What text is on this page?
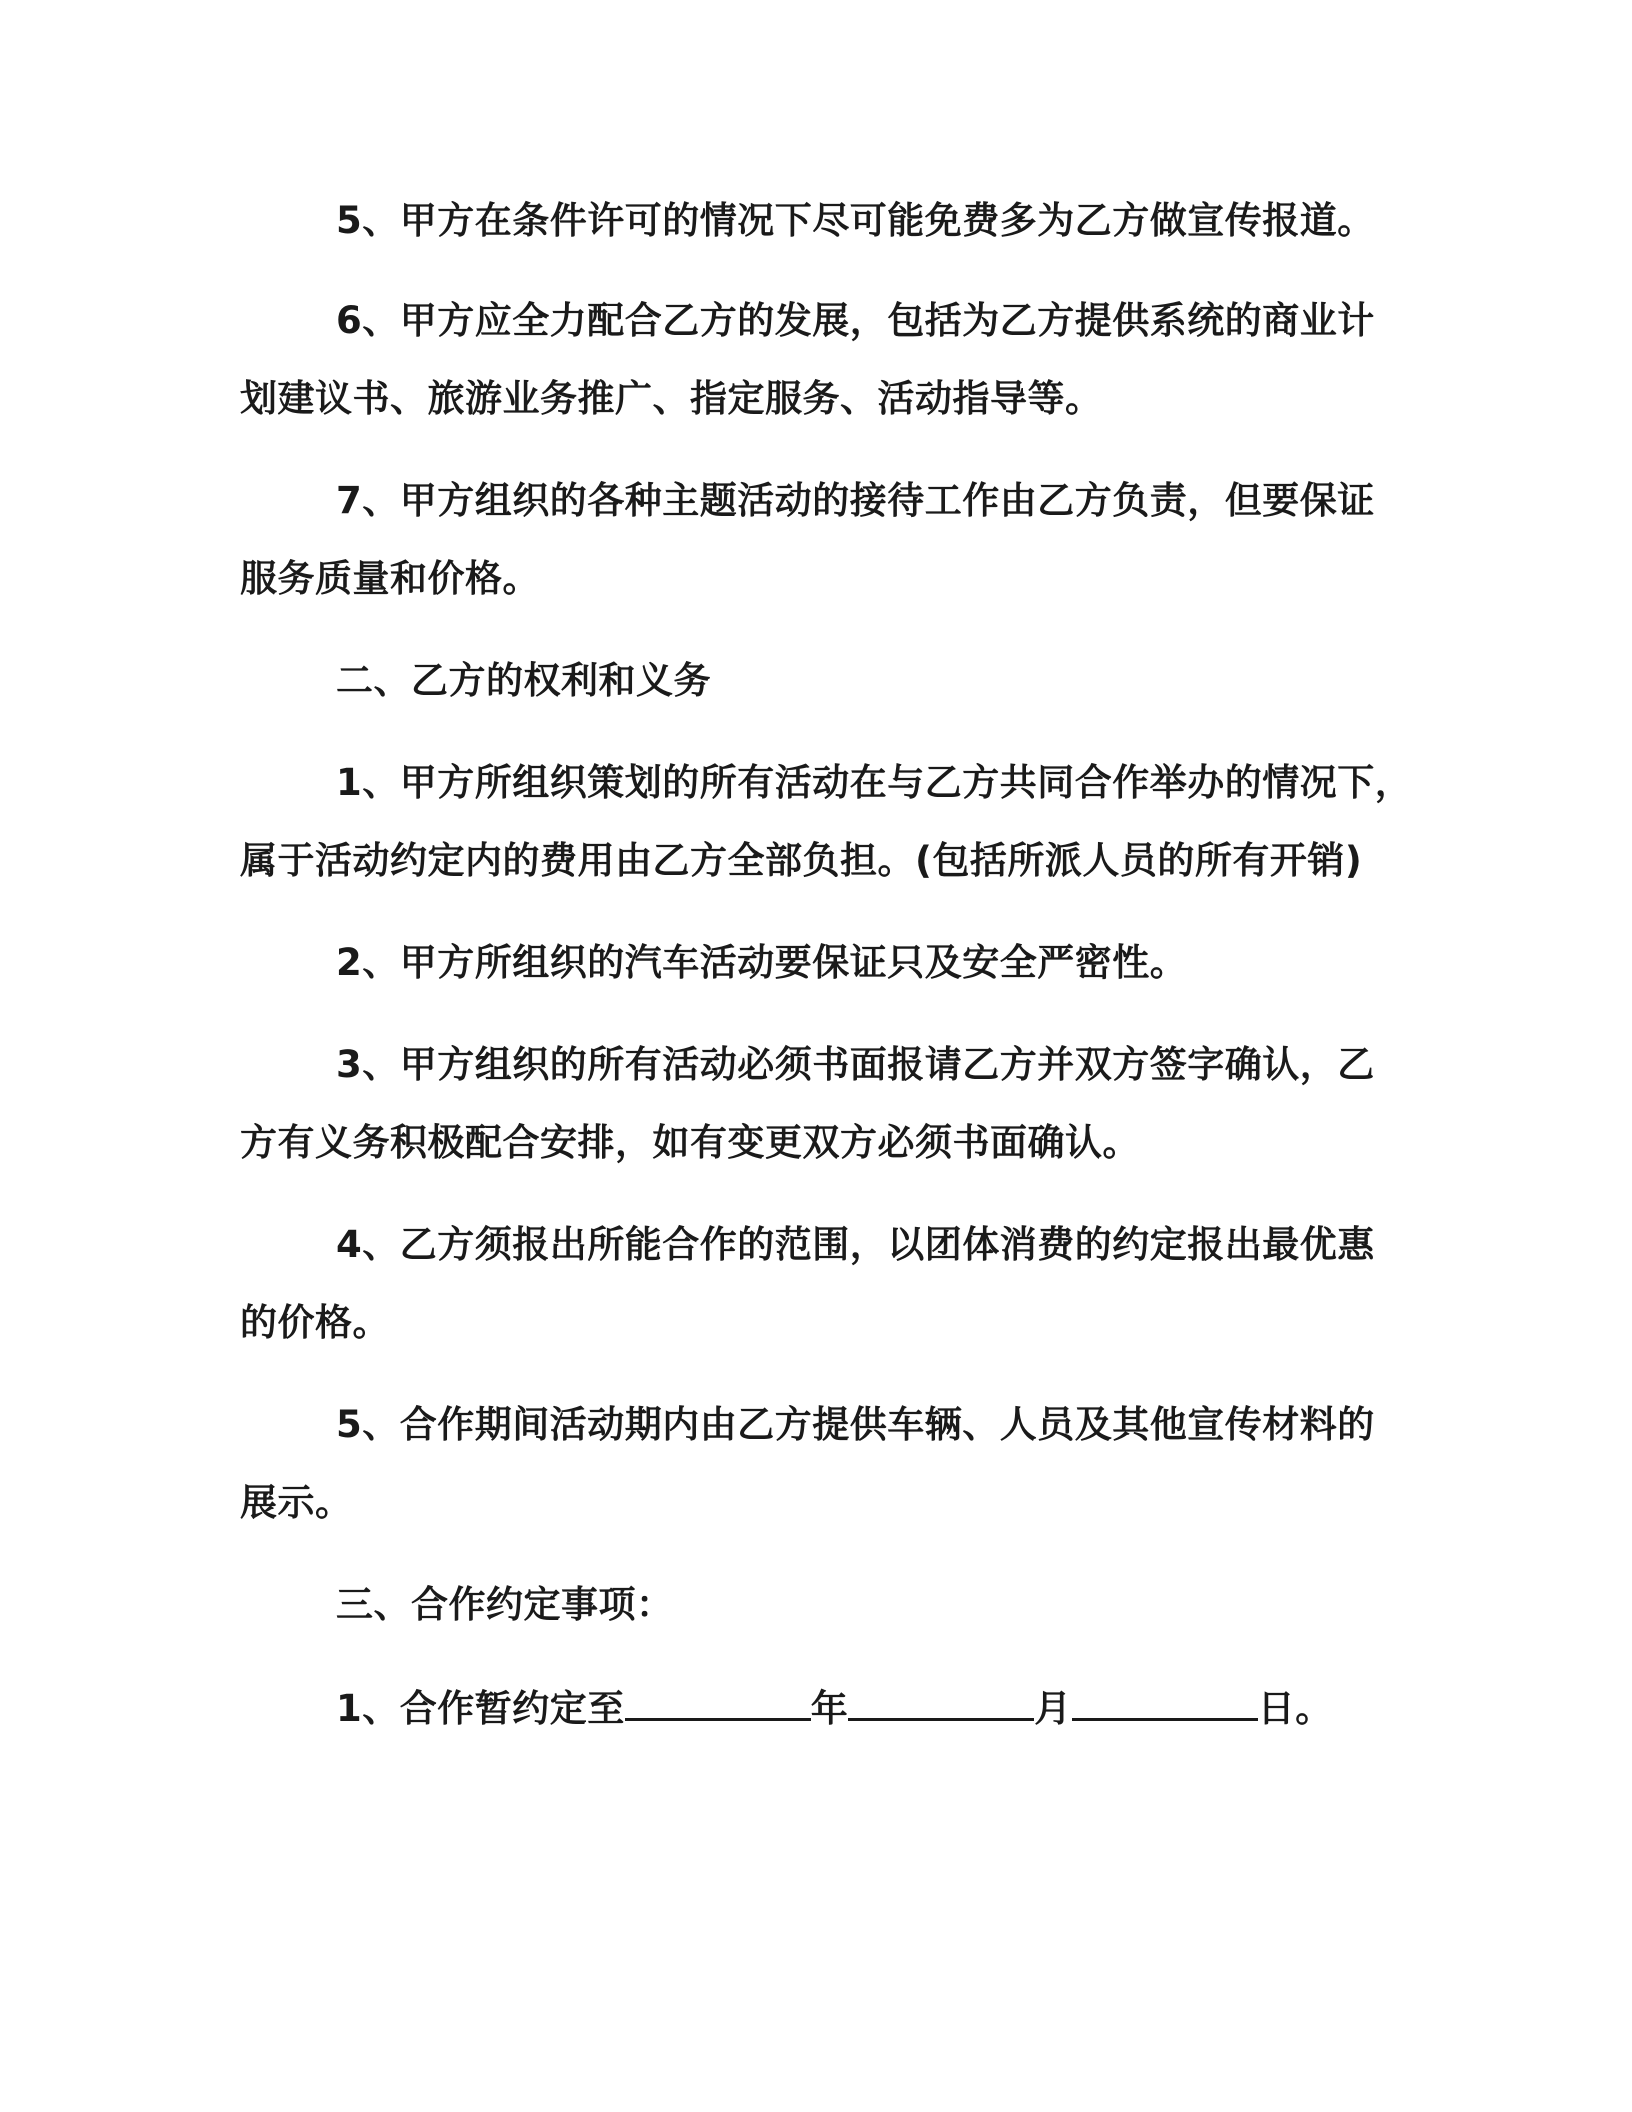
5、甲方在条件许可的情况下尽可能免费多为乙方做宣传报道。
6、甲方应全力配合乙方的发展，包括为乙方提供系统的商业计
划建议书、旅游业务推广、指定服务、活动指导等。
7、甲方组织的各种主题活动的接待工作由乙方负责，但要保证
服务质量和价格。
二、乙方的权利和义务
1、甲方所组织策划的所有活动在与乙方共同合作举办的情况下，
属于活动约定内的费用由乙方全部负担。(包括所派人员的所有开销)
2、甲方所组织的汽车活动要保证只及安全严密性。
3、甲方组织的所有活动必须书面报请乙方并双方签字确认，乙
方有义务积极配合安排，如有变更双方必须书面确认。
4、乙方须报出所能合作的范围，以团体消费的约定报出最优惠
的价格。
5、合作期间活动期内由乙方提供车辆、人员及其他宣传材料的
展示。
三、合作约定事项：
1、合作暂约定至	年	月	日。
